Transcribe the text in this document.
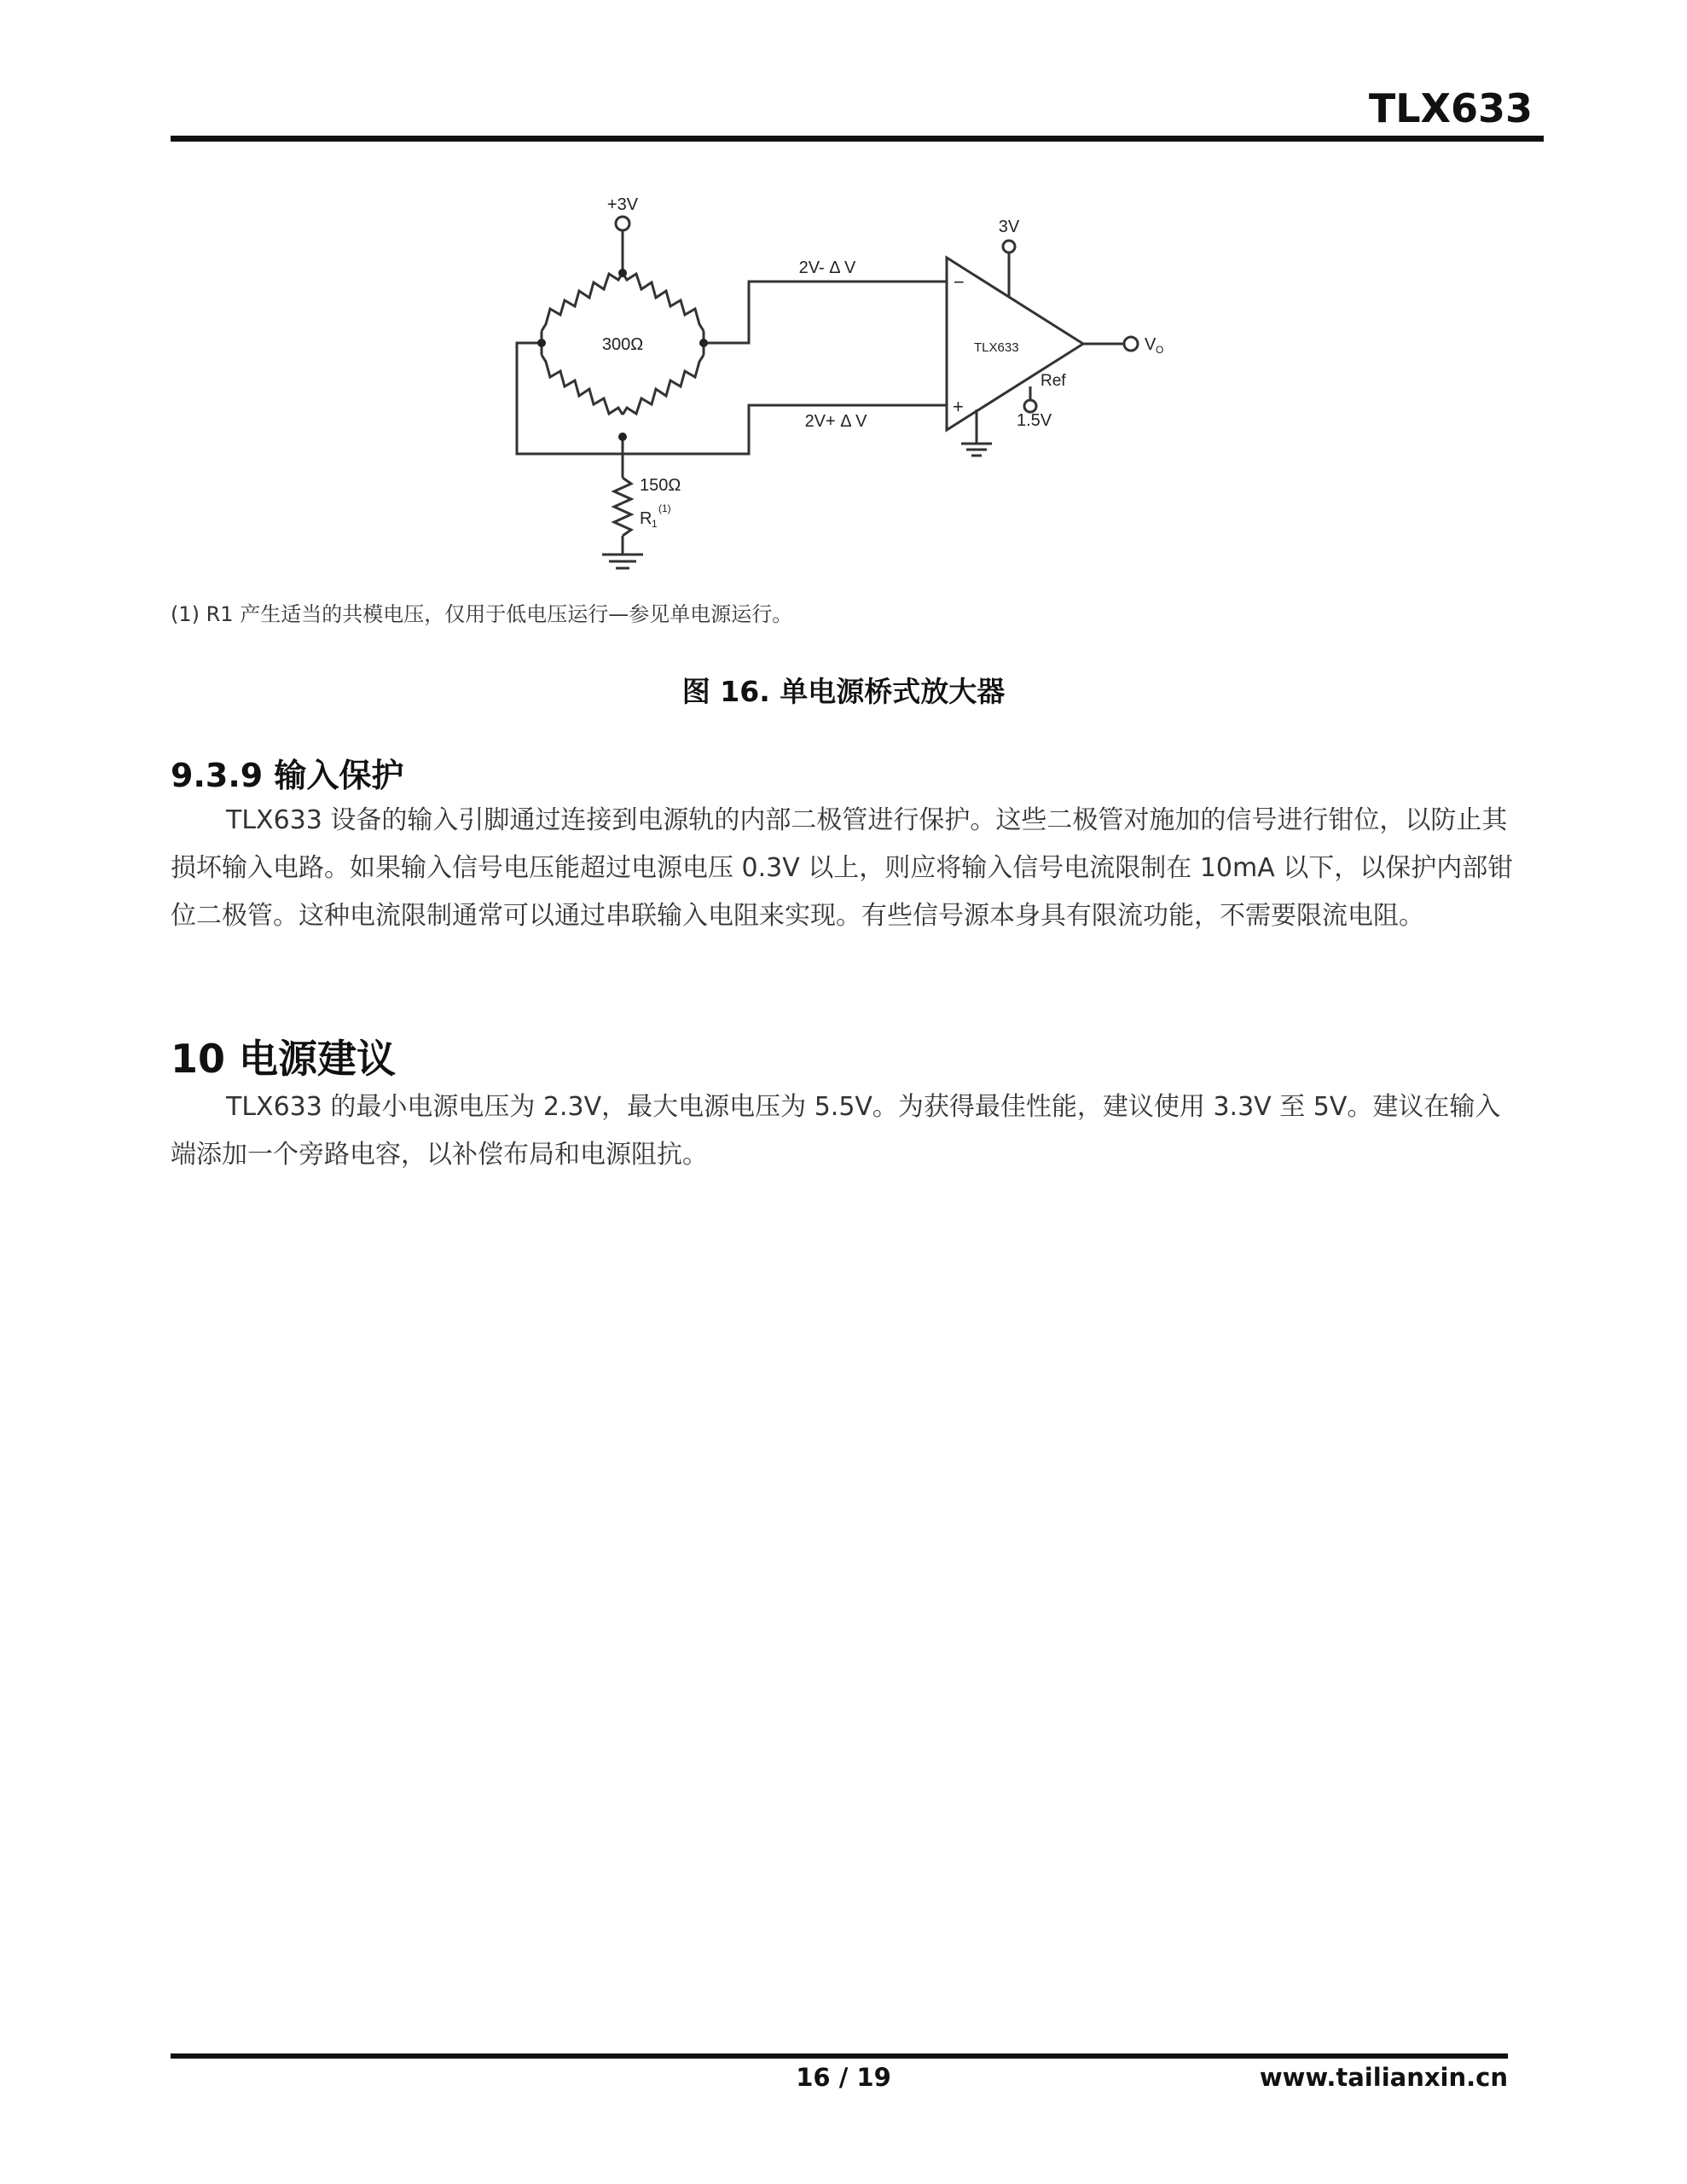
TLX633
+3V
300Ω
150Ω
R 1
(1)
2V- Δ V
2V+ Δ V
3V
TLX633
−
+
V O
Ref
1.5V
(1) R1 产生适当的共模电压，仅用于低电压运行—参见单电源运行。
图 16. 单电源桥式放大器
9.3.9 输入保护

TLX633 设备的输入引脚通过连接到电源轨的内部二极管进行保护。这些二极管对施加的信号进行钳位，以防止其损坏输入电路。如果输入信号电压能超过电源电压 0.3V 以上，则应将输入信号电流限制在 10mA 以下，以保护内部钳位二极管。这种电流限制通常可以通过串联输入电阻来实现。有些信号源本身具有限流功能，不需要限流电阻。

10 电源建议

TLX633 的最小电源电压为 2.3V，最大电源电压为 5.5V。为获得最佳性能，建议使用 3.3V 至 5V。建议在输入端添加一个旁路电容，以补偿布局和电源阻抗。

16 / 19	www.tailianxin.cn
